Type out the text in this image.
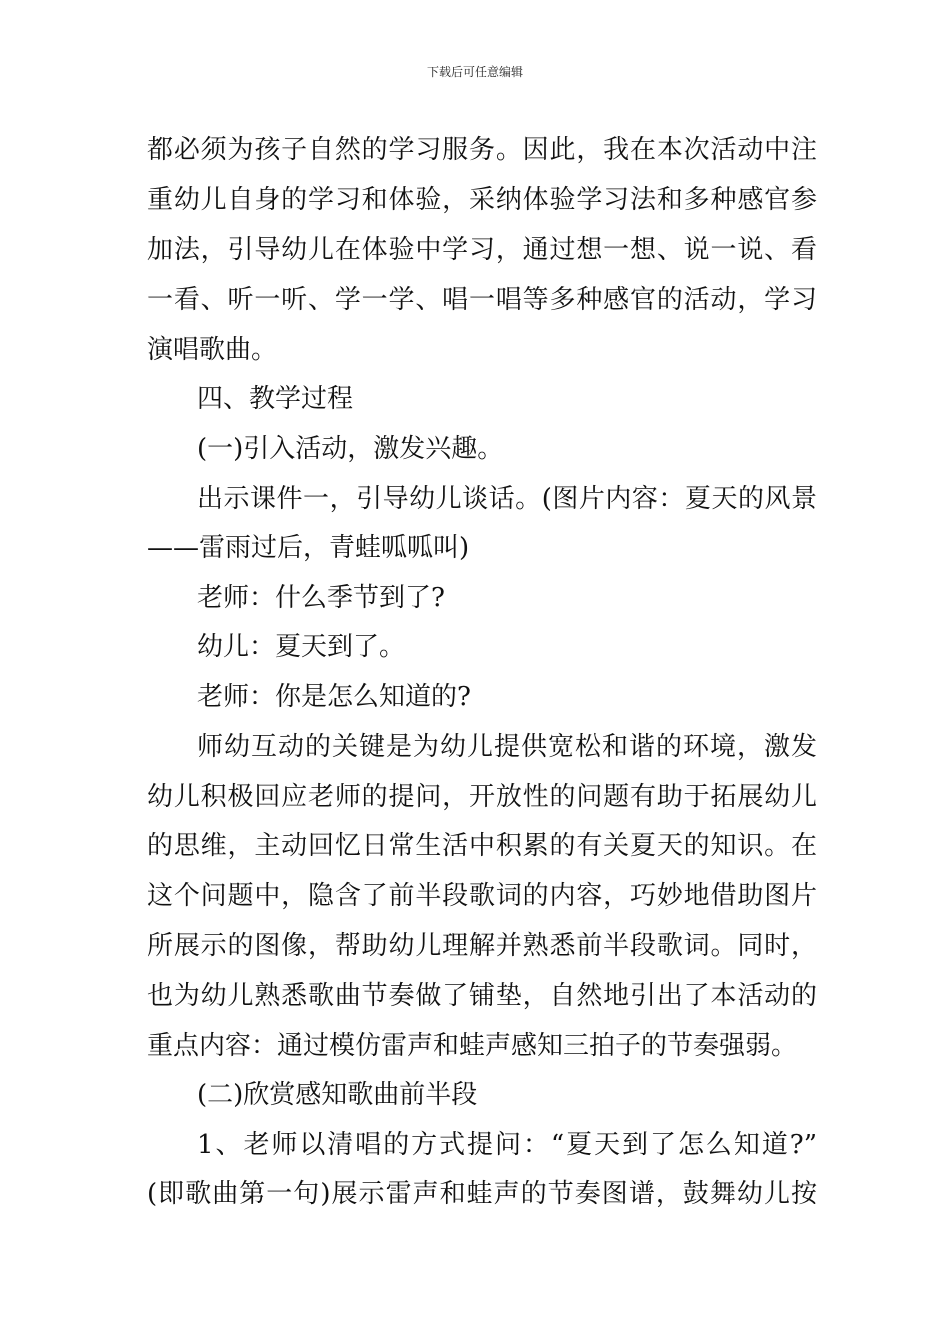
下载后可任意编辑
都必须为孩子自然的学习服务。因此，我在本次活动中注
重幼儿自身的学习和体验，采纳体验学习法和多种感官参
加法，引导幼儿在体验中学习，通过想一想、说一说、看
一看、听一听、学一学、唱一唱等多种感官的活动，学习
演唱歌曲。
四、教学过程
(一)引入活动，激发兴趣。
出示课件一，引导幼儿谈话。(图片内容：夏天的风景
——雷雨过后，青蛙呱呱叫)
老师：什么季节到了?
幼儿：夏天到了。
老师：你是怎么知道的?
师幼互动的关键是为幼儿提供宽松和谐的环境，激发
幼儿积极回应老师的提问，开放性的问题有助于拓展幼儿
的思维，主动回忆日常生活中积累的有关夏天的知识。在
这个问题中，隐含了前半段歌词的内容，巧妙地借助图片
所展示的图像，帮助幼儿理解并熟悉前半段歌词。同时，
也为幼儿熟悉歌曲节奏做了铺垫，自然地引出了本活动的
重点内容：通过模仿雷声和蛙声感知三拍子的节奏强弱。
(二)欣赏感知歌曲前半段
1、老师以清唱的方式提问：“夏天到了怎么知道?”
(即歌曲第一句)展示雷声和蛙声的节奏图谱，鼓舞幼儿按
